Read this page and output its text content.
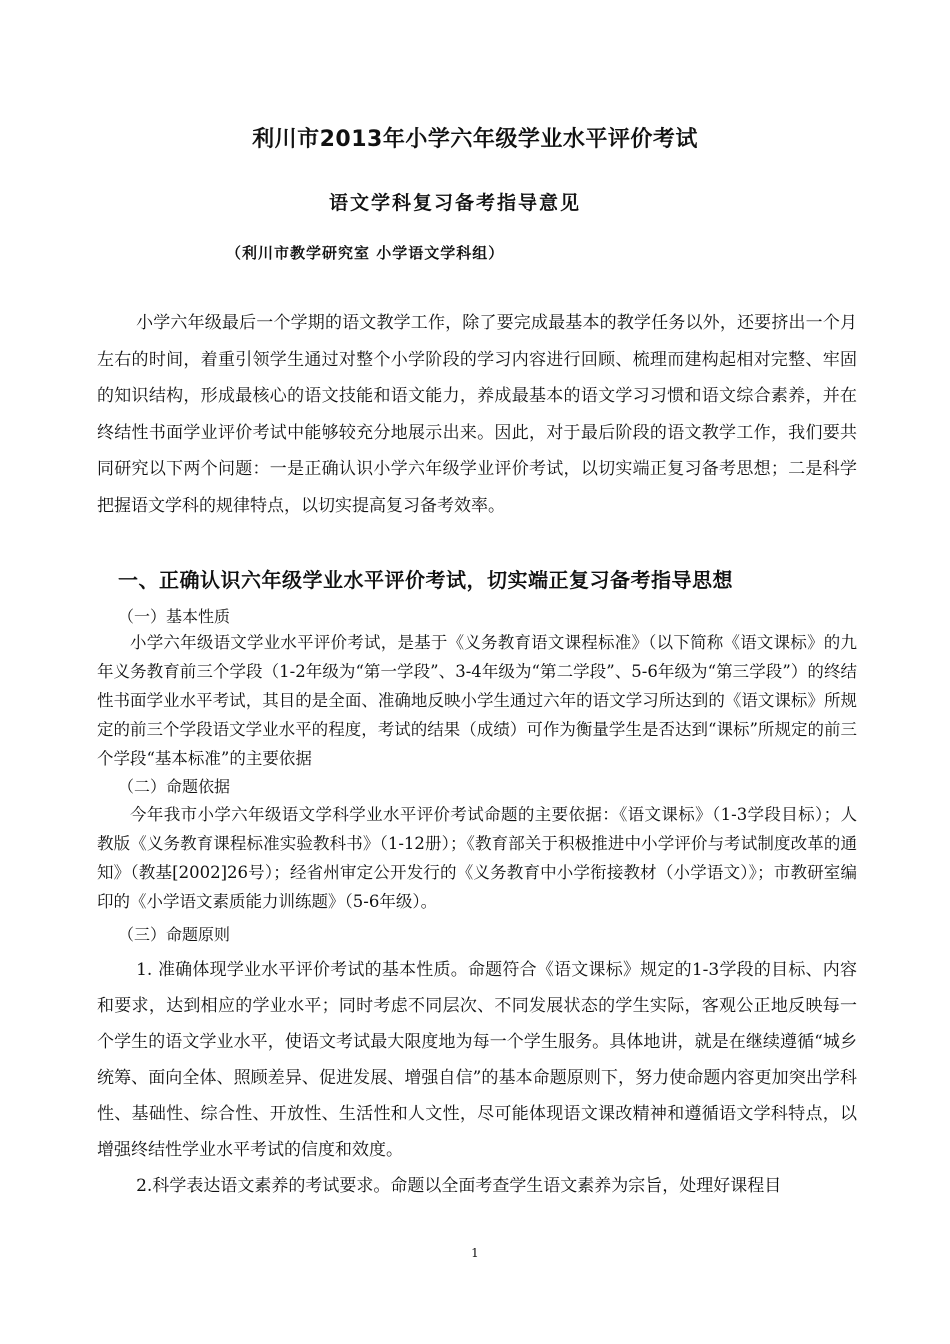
利川市2013年小学六年级学业水平评价考试
语文学科复习备考指导意见
（利川市教学研究室 小学语文学科组）

小学六年级最后一个学期的语文教学工作，除了要完成最基本的教学任务以外，还要挤出一个月左右的时间，着重引领学生通过对整个小学阶段的学习内容进行回顾、梳理而建构起相对完整、牢固的知识结构，形成最核心的语文技能和语文能力，养成最基本的语文学习习惯和语文综合素养，并在终结性书面学业评价考试中能够较充分地展示出来。因此，对于最后阶段的语文教学工作，我们要共同研究以下两个问题：一是正确认识小学六年级学业评价考试，以切实端正复习备考思想；二是科学把握语文学科的规律特点，以切实提高复习备考效率。

一、正确认识六年级学业水平评价考试，切实端正复习备考指导思想
（一）基本性质

小学六年级语文学业水平评价考试，是基于《义务教育语文课程标准》（以下简称《语文课标》的九年义务教育前三个学段（1-2年级为“第一学段”、3-4年级为“第二学段”、5-6年级为“第三学段”）的终结性书面学业水平考试，其目的是全面、准确地反映小学生通过六年的语文学习所达到的《语文课标》所规定的前三个学段语文学业水平的程度，考试的结果（成绩）可作为衡量学生是否达到“课标”所规定的前三个学段“基本标准”的主要依据

（二）命题依据

今年我市小学六年级语文学科学业水平评价考试命题的主要依据：《语文课标》（1-3学段目标）；人教版《义务教育课程标准实验教科书》（1-12册）；《教育部关于积极推进中小学评价与考试制度改革的通知》（教基[2002]26号）；经省州审定公开发行的《义务教育中小学衔接教材（小学语文）》；市教研室编印的《小学语文素质能力训练题》（5-6年级）。

（三）命题原则

1. 准确体现学业水平评价考试的基本性质。命题符合《语文课标》规定的1-3学段的目标、内容和要求，达到相应的学业水平；同时考虑不同层次、不同发展状态的学生实际，客观公正地反映每一个学生的语文学业水平，使语文考试最大限度地为每一个学生服务。具体地讲，就是在继续遵循“城乡统筹、面向全体、照顾差异、促进发展、增强自信”的基本命题原则下，努力使命题内容更加突出学科性、基础性、综合性、开放性、生活性和人文性，尽可能体现语文课改精神和遵循语文学科特点，以增强终结性学业水平考试的信度和效度。

2.科学表达语文素养的考试要求。命题以全面考查学生语文素养为宗旨，处理好课程目

1
